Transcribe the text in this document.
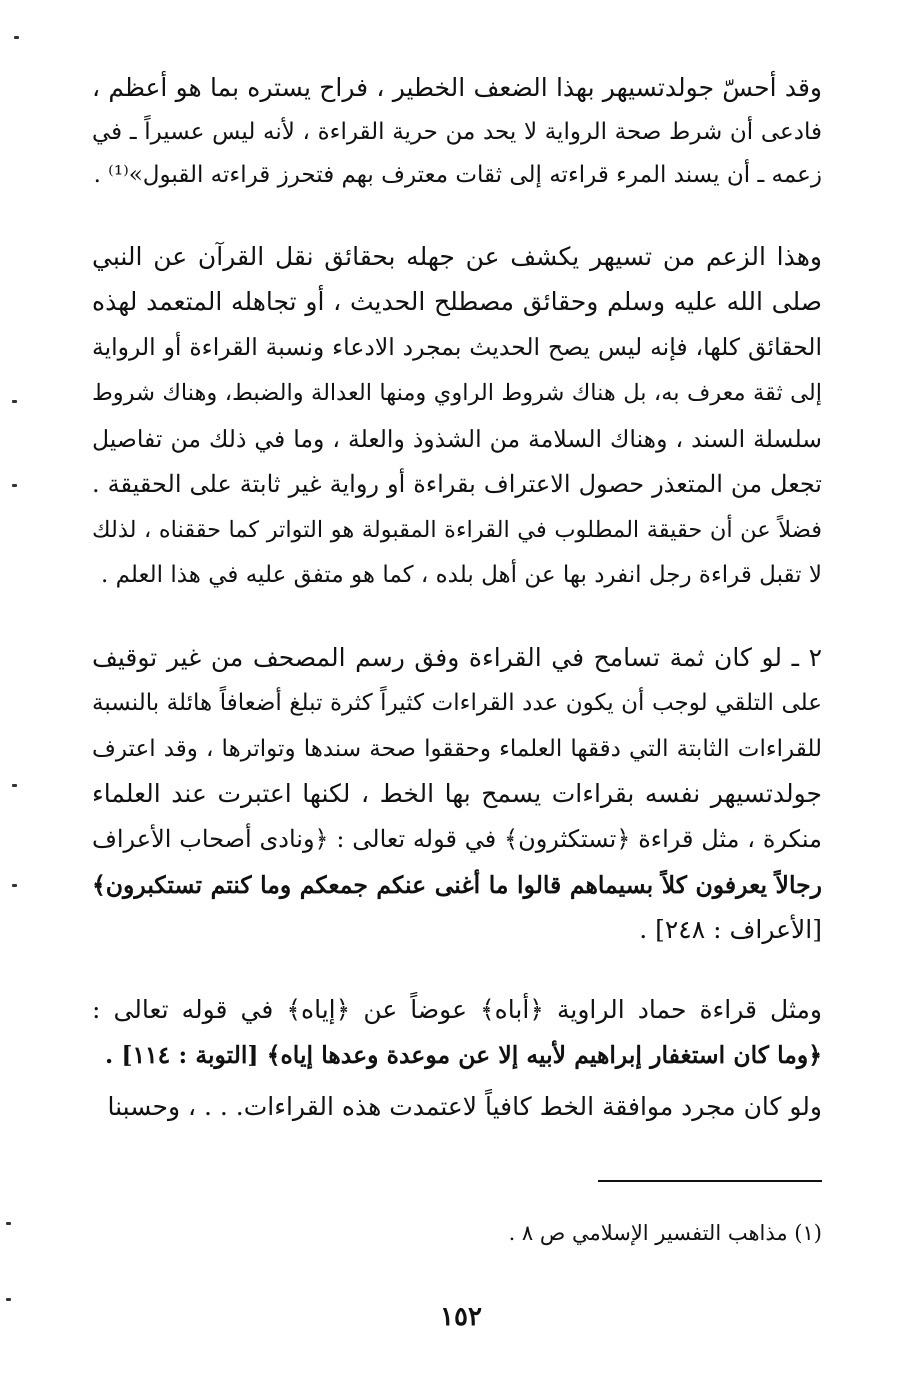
وقد أحسّ جولدتسيهر بهذا الضعف الخطير ، فراح يستره بما هو أعظم ،
فادعى أن شرط صحة الرواية لا يحد من حرية القراءة ، لأنه ليس عسيراً ـ في
زعمه ـ أن يسند المرء قراءته إلى ثقات معترف بهم فتحرز قراءته القبول»⁽¹⁾ .
وهذا الزعم من تسيهر يكشف عن جهله بحقائق نقل القرآن عن النبي
صلى الله عليه وسلم وحقائق مصطلح الحديث ، أو تجاهله المتعمد لهذه
الحقائق كلها، فإنه ليس يصح الحديث بمجرد الادعاء ونسبة القراءة أو الرواية
إلى ثقة معرف به، بل هناك شروط الراوي ومنها العدالة والضبط، وهناك شروط
سلسلة السند ، وهناك السلامة من الشذوذ والعلة ، وما في ذلك من تفاصيل
تجعل من المتعذر حصول الاعتراف بقراءة أو رواية غير ثابتة على الحقيقة .
فضلاً عن أن حقيقة المطلوب في القراءة المقبولة هو التواتر كما حققناه ، لذلك
لا تقبل قراءة رجل انفرد بها عن أهل بلده ، كما هو متفق عليه في هذا العلم .
٢ ـ لو كان ثمة تسامح في القراءة وفق رسم المصحف من غير توقيف
على التلقي لوجب أن يكون عدد القراءات كثيراً كثرة تبلغ أضعافاً هائلة بالنسبة
للقراءات الثابتة التي دققها العلماء وحققوا صحة سندها وتواترها ، وقد اعترف
جولدتسيهر نفسه بقراءات يسمح بها الخط ، لكنها اعتبرت عند العلماء
منكرة ، مثل قراءة ﴿تستكثرون﴾ في قوله تعالى : ﴿ونادى أصحاب الأعراف
رجالاً يعرفون كلاً بسيماهم قالوا ما أغنى عنكم جمعكم وما كنتم تستكبرون﴾
[الأعراف : ٢٤٨] .
ومثل قراءة حماد الراوية ﴿أباه﴾ عوضاً عن ﴿إياه﴾ في قوله تعالى :
﴿وما كان استغفار إبراهيم لأبيه إلا عن موعدة وعدها إياه﴾ [التوبة : ١١٤] .
ولو كان مجرد موافقة الخط كافياً لاعتمدت هذه القراءات. . . ، وحسبنا
(١) مذاهب التفسير الإسلامي ص ٨ .
١٥٢
